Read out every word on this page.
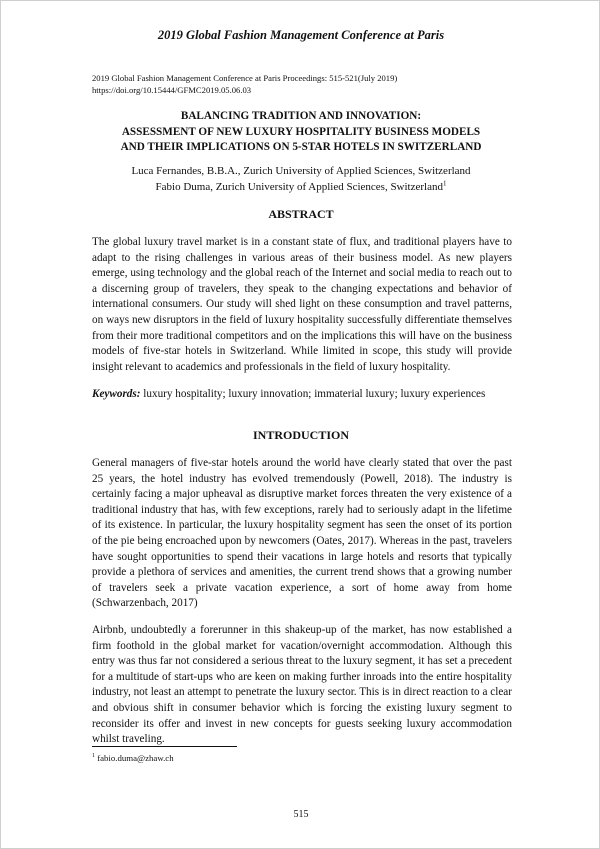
2019 Global Fashion Management Conference at Paris
2019 Global Fashion Management Conference at Paris Proceedings: 515-521(July 2019)
https://doi.org/10.15444/GFMC2019.05.06.03
BALANCING TRADITION AND INNOVATION:
ASSESSMENT OF NEW LUXURY HOSPITALITY BUSINESS MODELS
AND THEIR IMPLICATIONS ON 5-STAR HOTELS IN SWITZERLAND
Luca Fernandes, B.B.A., Zurich University of Applied Sciences, Switzerland
Fabio Duma, Zurich University of Applied Sciences, Switzerland$^1$
ABSTRACT

The global luxury travel market is in a constant state of flux, and traditional players have to adapt to the rising challenges in various areas of their business model. As new players emerge, using technology and the global reach of the Internet and social media to reach out to a discerning group of travelers, they speak to the changing expectations and behavior of international consumers. Our study will shed light on these consumption and travel patterns, on ways new disruptors in the field of luxury hospitality successfully differentiate themselves from their more traditional competitors and on the implications this will have on the business models of five-star hotels in Switzerland. While limited in scope, this study will provide insight relevant to academics and professionals in the field of luxury hospitality.

Keywords: luxury hospitality; luxury innovation; immaterial luxury; luxury experiences

INTRODUCTION

General managers of five-star hotels around the world have clearly stated that over the past 25 years, the hotel industry has evolved tremendously (Powell, 2018). The industry is certainly facing a major upheaval as disruptive market forces threaten the very existence of a traditional industry that has, with few exceptions, rarely had to seriously adapt in the lifetime of its existence. In particular, the luxury hospitality segment has seen the onset of its portion of the pie being encroached upon by newcomers (Oates, 2017). Whereas in the past, travelers have sought opportunities to spend their vacations in large hotels and resorts that typically provide a plethora of services and amenities, the current trend shows that a growing number of travelers seek a private vacation experience, a sort of home away from home (Schwarzenbach, 2017)

Airbnb, undoubtedly a forerunner in this shakeup-up of the market, has now established a firm foothold in the global market for vacation/overnight accommodation. Although this entry was thus far not considered a serious threat to the luxury segment, it has set a precedent for a multitude of start-ups who are keen on making further inroads into the entire hospitality industry, not least an attempt to penetrate the luxury sector. This is in direct reaction to a clear and obvious shift in consumer behavior which is forcing the existing luxury segment to reconsider its offer and invest in new concepts for guests seeking luxury accommodation whilst traveling.

$^1$ fabio.duma@zhaw.ch
515
